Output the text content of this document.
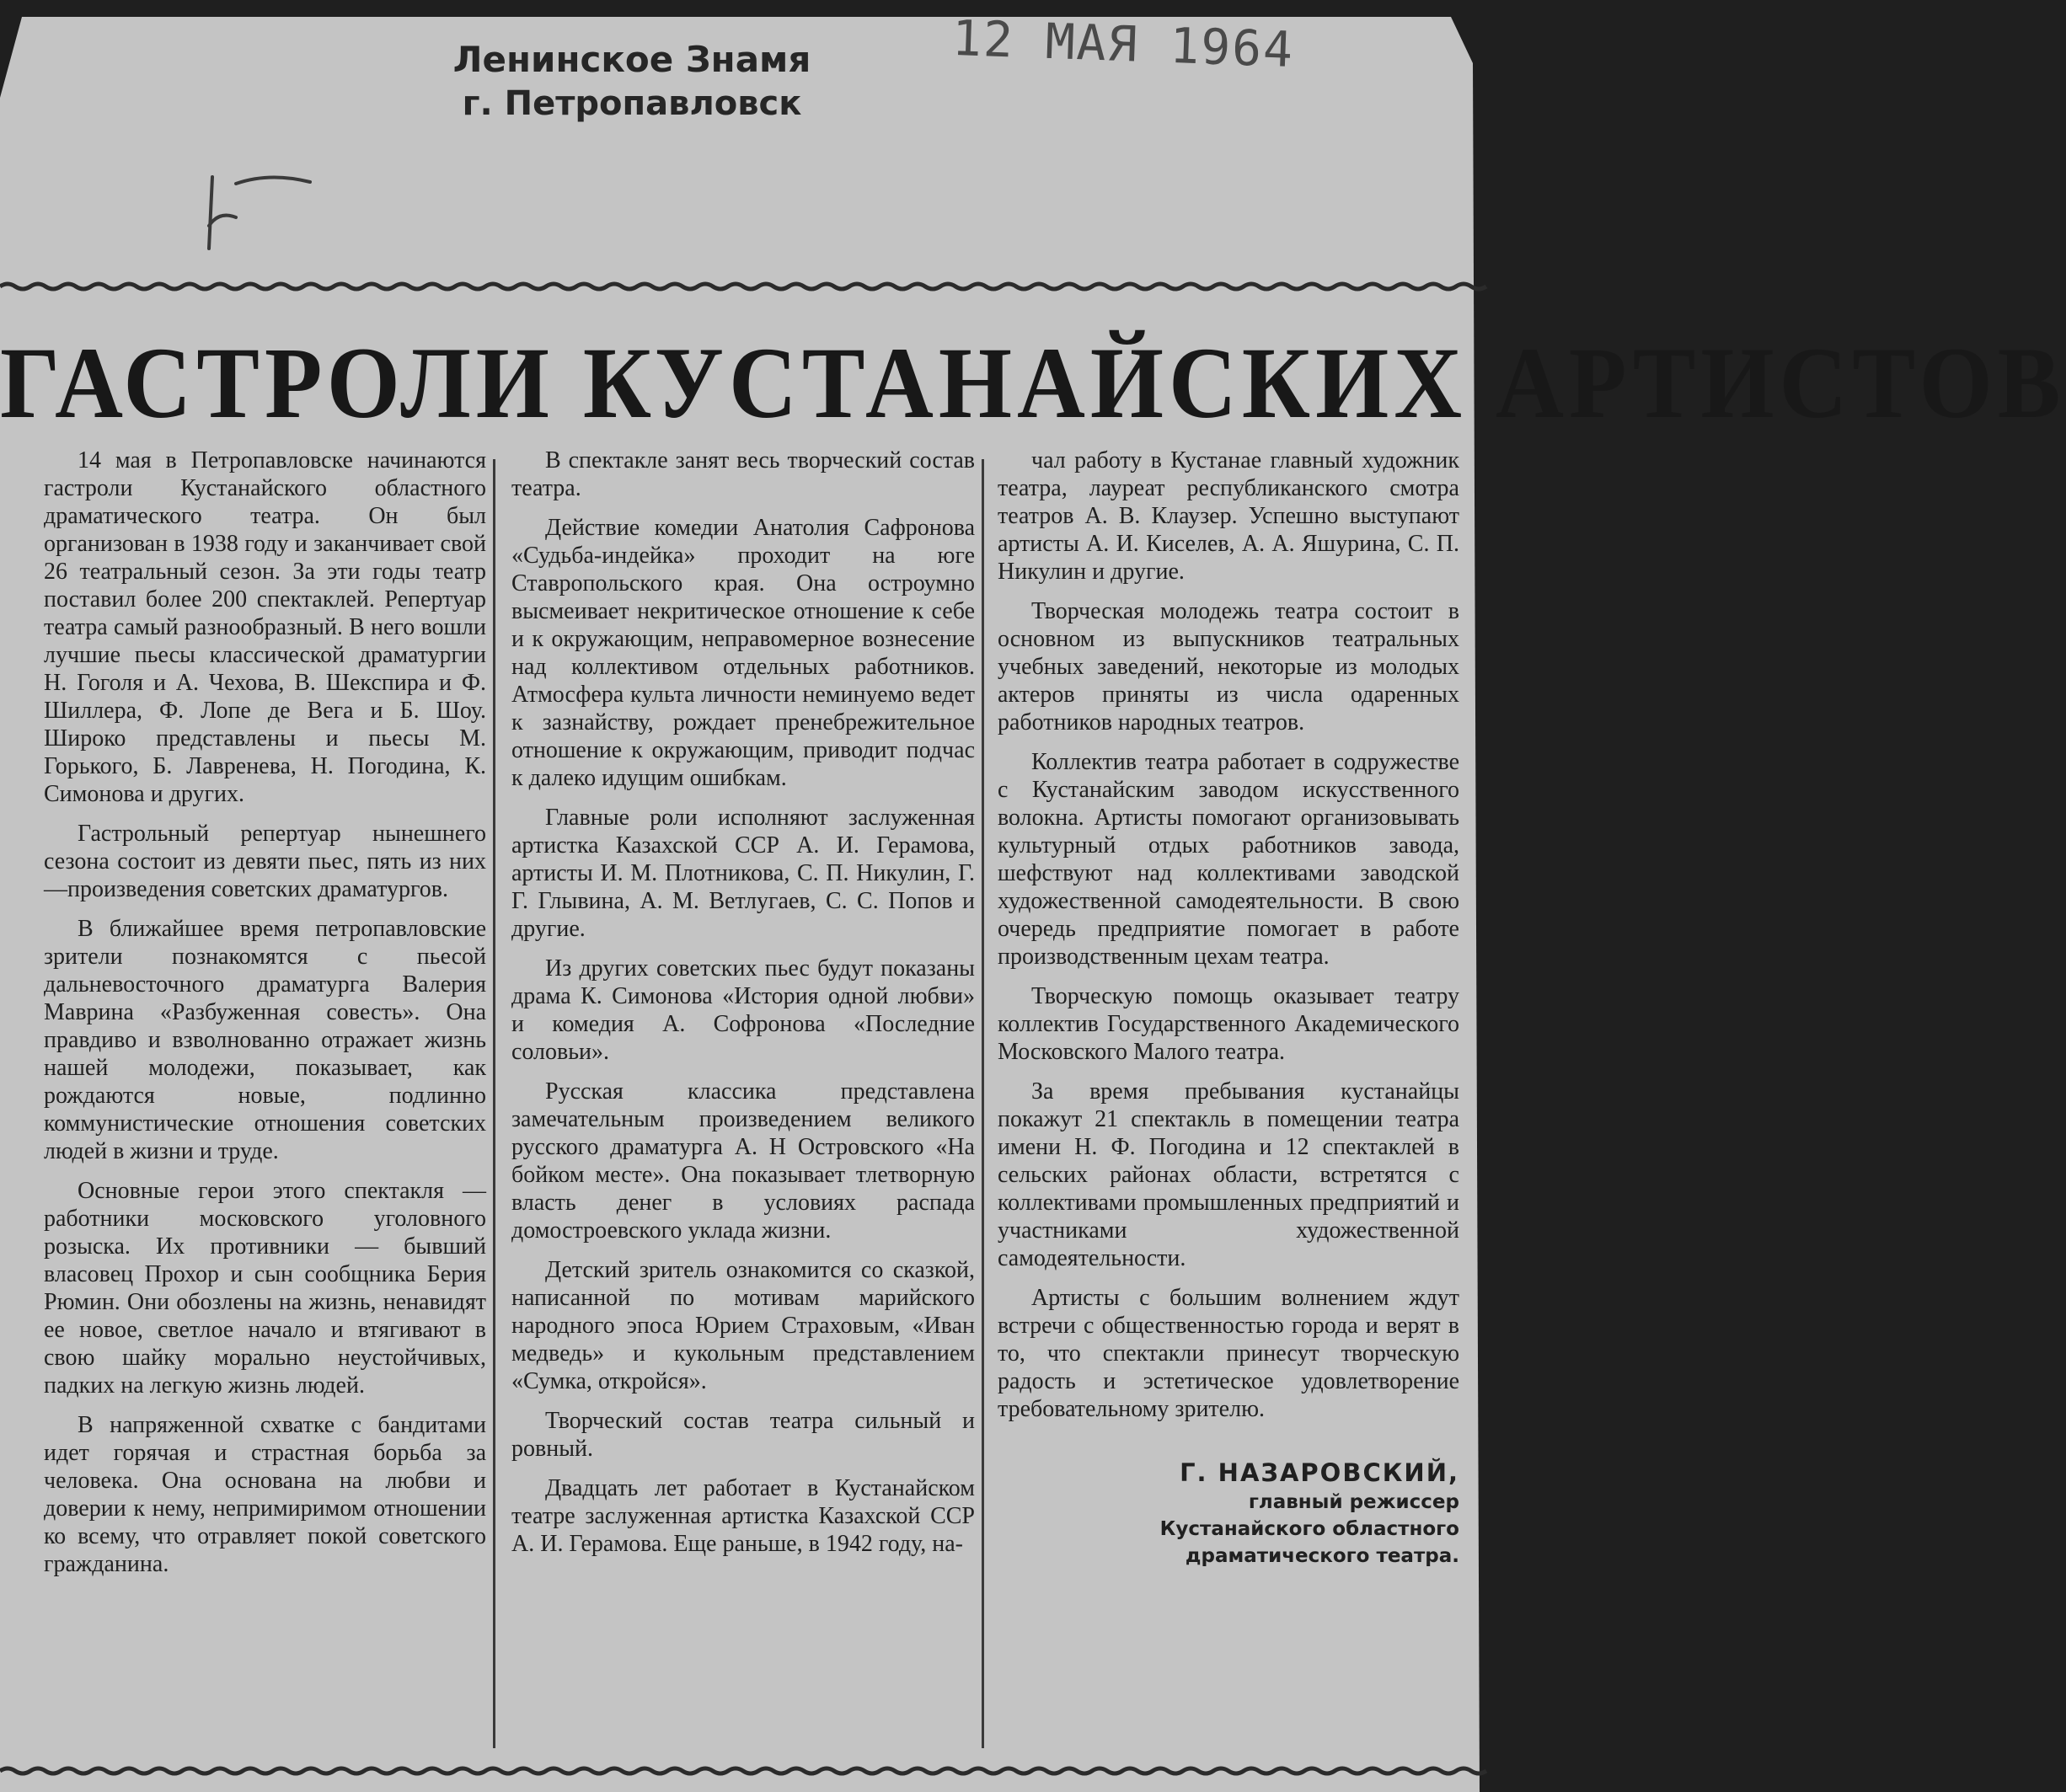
Ленинское Знамя
г. Петропавловск
12 МАЯ 1964
ГАСТРОЛИ КУСТАНАЙСКИХ АРТИСТОВ

14 мая в Петропавловске начинаются гастроли Кустанайского областного драматического театра. Он был организован в 1938 году и заканчивает свой 26 театральный сезон. За эти годы театр поставил более 200 спектаклей. Репертуар театра самый разнообразный. В него вошли лучшие пьесы классической драматургии Н. Гоголя и А. Чехова, В. Шекспира и Ф. Шиллера, Ф. Лопе де Вега и Б. Шоу. Широко представлены и пьесы М. Горького, Б. Лавренева, Н. Погодина, К. Симонова и других.

Гастрольный репертуар нынешнего сезона состоит из девяти пьес, пять из них—произведения советских драматургов.

В ближайшее время петропавловские зрители познакомятся с пьесой дальневосточного драматурга Валерия Маврина «Разбуженная совесть». Она правдиво и взволнованно отражает жизнь нашей молодежи, показывает, как рождаются новые, подлинно коммунистические отношения советских людей в жизни и труде.

Основные герои этого спектакля — работники московского уголовного розыска. Их противники — бывший власовец Прохор и сын сообщника Берия Рюмин. Они обозлены на жизнь, ненавидят ее новое, светлое начало и втягивают в свою шайку морально неустойчивых, падких на легкую жизнь людей.

В напряженной схватке с бандитами идет горячая и страстная борьба за человека. Она основана на любви и доверии к нему, непримиримом отношении ко всему, что отравляет покой советского гражданина.

В спектакле занят весь творческий состав театра.

Действие комедии Анатолия Сафронова «Судьба-индейка» проходит на юге Ставропольского края. Она остроумно высмеивает некритическое отношение к себе и к окружающим, неправомерное вознесение над коллективом отдельных работников. Атмосфера культа личности неминуемо ведет к зазнайству, рождает пренебрежительное отношение к окружающим, приводит подчас к далеко идущим ошибкам.

Главные роли исполняют заслуженная артистка Казахской ССР А. И. Герамова, артисты И. М. Плотникова, С. П. Никулин, Г. Г. Глывина, А. М. Ветлугаев, С. С. Попов и другие.

Из других советских пьес будут показаны драма К. Симонова «История одной любви» и комедия А. Софронова «Последние соловьи».

Русская классика представлена замечательным произведением великого русского драматурга А. Н Островского «На бойком месте». Она показывает тлетворную власть денег в условиях распада домостроевского уклада жизни.

Детский зритель ознакомится со сказкой, написанной по мотивам марийского народного эпоса Юрием Страховым, «Иван медведь» и кукольным представлением «Сумка, откройся».

Творческий состав театра сильный и ровный.

Двадцать лет работает в Кустанайском театре заслуженная артистка Казахской ССР А. И. Герамова. Еще раньше, в 1942 году, на-

чал работу в Кустанае главный художник театра, лауреат республиканского смотра театров А. В. Клаузер. Успешно выступают артисты А. И. Киселев, А. А. Яшурина, С. П. Никулин и другие.

Творческая молодежь театра состоит в основном из выпускников театральных учебных заведений, некоторые из молодых актеров приняты из числа одаренных работников народных театров.

Коллектив театра работает в содружестве с Кустанайским заводом искусственного волокна. Артисты помогают организовывать культурный отдых работников завода, шефствуют над коллективами заводской художественной самодеятельности. В свою очередь предприятие помогает в работе производственным цехам театра.

Творческую помощь оказывает театру коллектив Государственного Академического Московского Малого театра.

За время пребывания кустанайцы покажут 21 спектакль в помещении театра имени Н. Ф. Погодина и 12 спектаклей в сельских районах области, встретятся с коллективами промышленных предприятий и участниками художественной самодеятельности.

Артисты с большим волнением ждут встречи с общественностью города и верят в то, что спектакли принесут творческую радость и эстетическое удовлетворение требовательному зрителю.

Г. НАЗАРОВСКИЙ,
главный режиссер
Кустанайского областного
драматического театра.
